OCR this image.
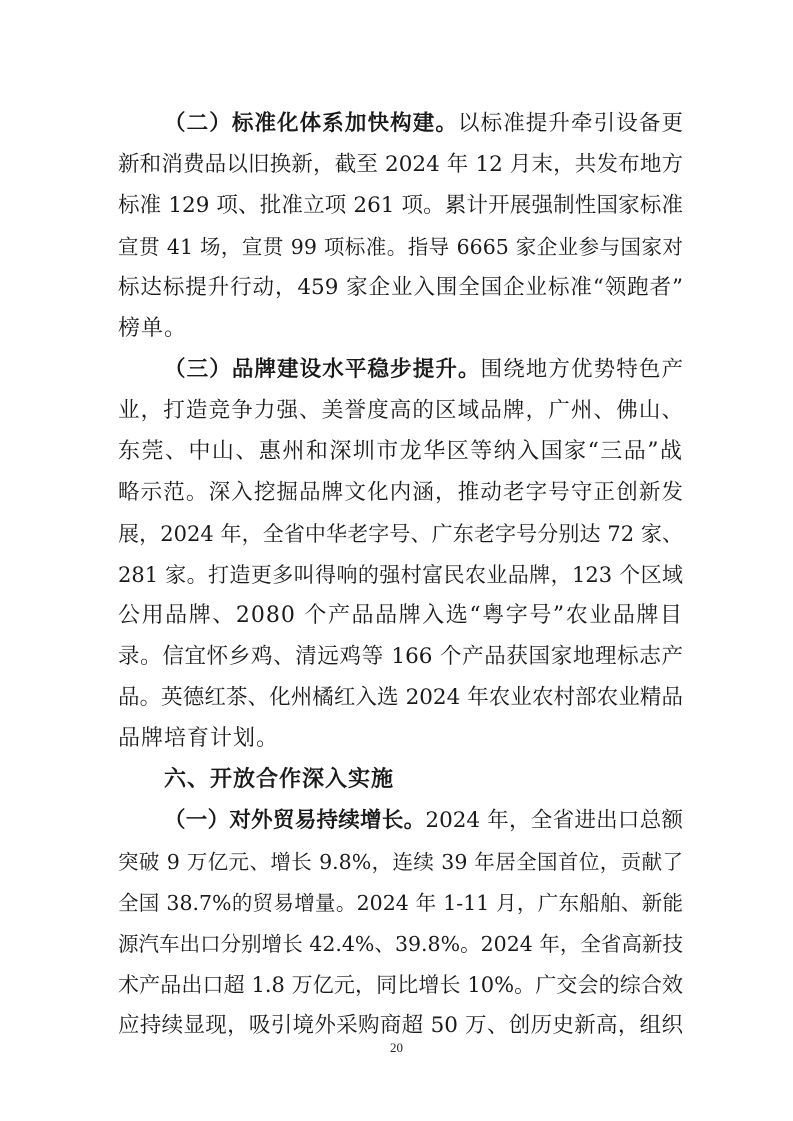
（二）标准化体系加快构建。以标准提升牵引设备更
新和消费品以旧换新，截至 2024 年 12 月末，共发布地方
标准 129 项、批准立项 261 项。累计开展强制性国家标准
宣贯 41 场，宣贯 99 项标准。指导 6665 家企业参与国家对
标达标提升行动，459 家企业入围全国企业标准“领跑者”
榜单。
（三）品牌建设水平稳步提升。围绕地方优势特色产
业，打造竞争力强、美誉度高的区域品牌，广州、佛山、
东莞、中山、惠州和深圳市龙华区等纳入国家“三品”战
略示范。深入挖掘品牌文化内涵，推动老字号守正创新发
展，2024 年，全省中华老字号、广东老字号分别达 72 家、
281 家。打造更多叫得响的强村富民农业品牌，123 个区域
公用品牌、2080 个产品品牌入选“粤字号”农业品牌目
录。信宜怀乡鸡、清远鸡等 166 个产品获国家地理标志产
品。英德红茶、化州橘红入选 2024 年农业农村部农业精品
品牌培育计划。
六、开放合作深入实施
（一）对外贸易持续增长。2024 年，全省进出口总额
突破 9 万亿元、增长 9.8%，连续 39 年居全国首位，贡献了
全国 38.7%的贸易增量。2024 年 1-11 月，广东船舶、新能
源汽车出口分别增长 42.4%、39.8%。2024 年，全省高新技
术产品出口超 1.8 万亿元，同比增长 10%。广交会的综合效
应持续显现，吸引境外采购商超 50 万、创历史新高，组织
20
